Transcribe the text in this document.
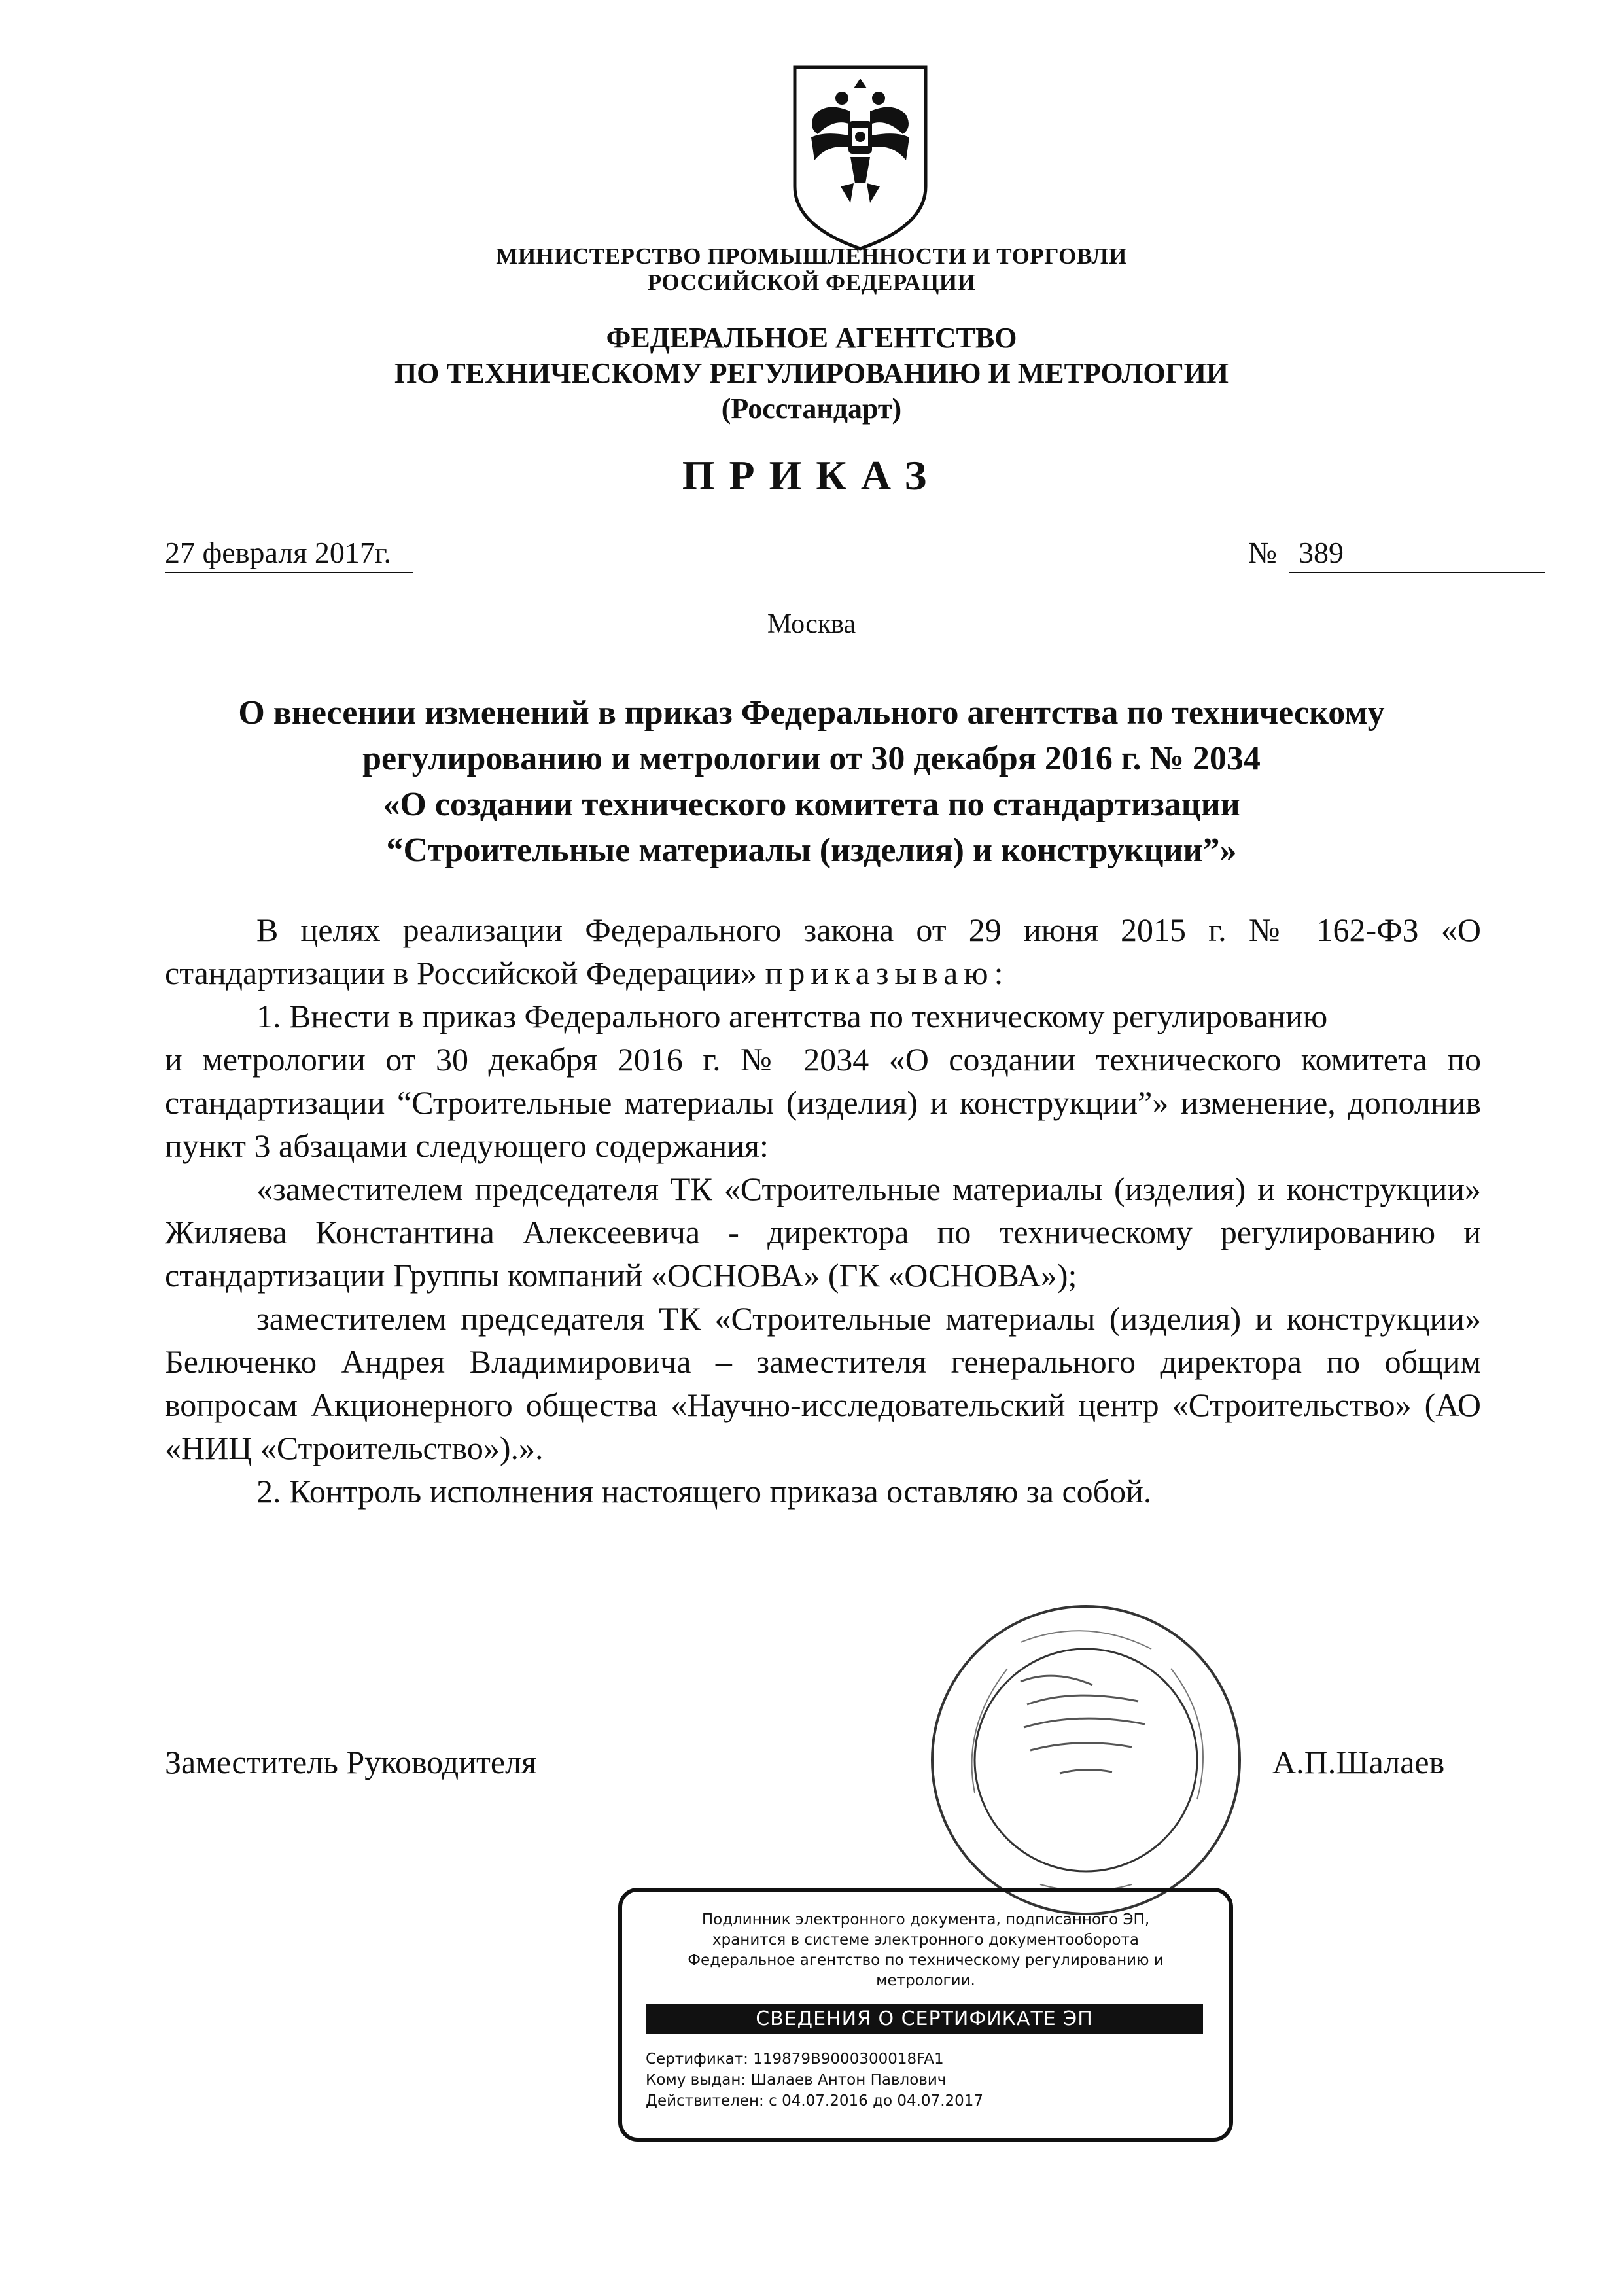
МИНИСТЕРСТВО ПРОМЫШЛЕННОСТИ И ТОРГОВЛИ
РОССИЙСКОЙ ФЕДЕРАЦИИ
ФЕДЕРАЛЬНОЕ АГЕНТСТВО
ПО ТЕХНИЧЕСКОМУ РЕГУЛИРОВАНИЮ И МЕТРОЛОГИИ
(Росстандарт)
ПРИКАЗ
27 февраля 2017г.	№ 389
Москва
О внесении изменений в приказ Федерального агентства по техническому
регулированию и метрологии от 30 декабря 2016 г. № 2034
«О создании технического комитета по стандартизации
“Строительные материалы (изделия) и конструкции”»

В целях реализации Федерального закона от 29 июня 2015 г. № 162-ФЗ «О стандартизации в Российской Федерации» приказываю:

1. Внести в приказ Федерального агентства по техническому регулированию

и метрологии от 30 декабря 2016 г. № 2034 «О создании технического комитета по стандартизации “Строительные материалы (изделия) и конструкции”» изменение, дополнив пункт 3 абзацами следующего содержания:

«заместителем председателя ТК «Строительные материалы (изделия) и конструкции» Жиляева Константина Алексеевича - директора по техническому регулированию и стандартизации Группы компаний «ОСНОВА» (ГК «ОСНОВА»);

заместителем председателя ТК «Строительные материалы (изделия) и конструкции» Белюченко Андрея Владимировича – заместителя генерального директора по общим вопросам Акционерного общества «Научно-исследовательский центр «Строительство» (АО «НИЦ «Строительство»).».

2. Контроль исполнения настоящего приказа оставляю за собой.

Заместитель Руководителя	А.П.Шалаев
Подлинник электронного документа, подписанного ЭП,
хранится в системе электронного документооборота
Федеральное агентство по техническому регулированию и
метрологии.
СВЕДЕНИЯ О СЕРТИФИКАТЕ ЭП
Сертификат: 119879B9000300018FA1
Кому выдан: Шалаев Антон Павлович
Действителен: с 04.07.2016 до 04.07.2017
